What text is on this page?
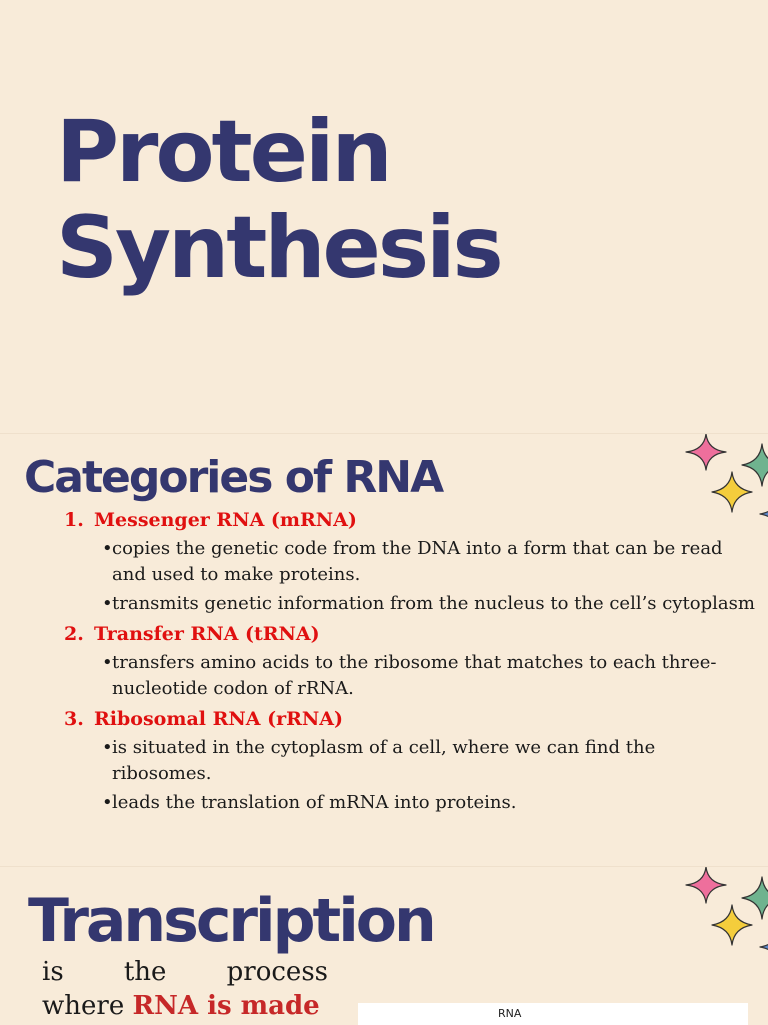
Protein
Synthesis
Categories of RNA
1. Messenger RNA (mRNA)
• copies the genetic code from the DNA into a form that can be read and used to make proteins.
• transmits genetic information from the nucleus to the cell’s cytoplasm
2. Transfer RNA (tRNA)
• transfers amino acids to the ribosome that matches to each three-nucleotide codon of rRNA.
3. Ribosomal RNA (rRNA)
• is situated in the cytoplasm of a cell, where we can find the ribosomes.
• leads the translation of mRNA into proteins.
Transcription
is the process
where RNA is made	RNA
